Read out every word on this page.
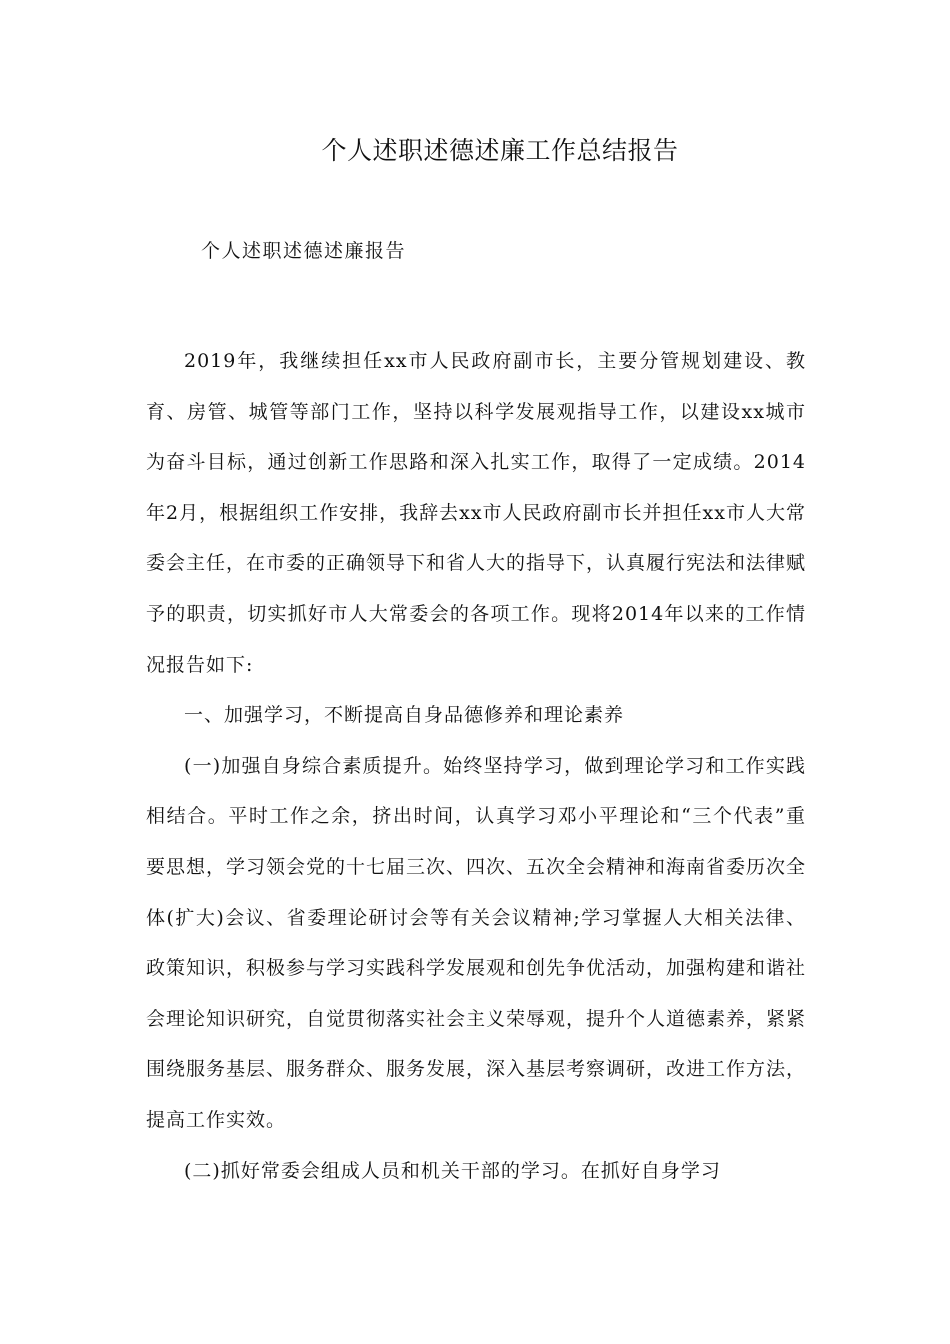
个人述职述德述廉工作总结报告
个人述职述德述廉报告

2019年，我继续担任xx市人民政府副市长，主要分管规划建设、教育、房管、城管等部门工作，坚持以科学发展观指导工作，以建设xx城市为奋斗目标，通过创新工作思路和深入扎实工作，取得了一定成绩。2014年2月，根据组织工作安排，我辞去xx市人民政府副市长并担任xx市人大常委会主任，在市委的正确领导下和省人大的指导下，认真履行宪法和法律赋予的职责，切实抓好市人大常委会的各项工作。现将2014年以来的工作情况报告如下:

一、加强学习，不断提高自身品德修养和理论素养

(一)加强自身综合素质提升。始终坚持学习，做到理论学习和工作实践相结合。平时工作之余，挤出时间，认真学习邓小平理论和“三个代表”重要思想，学习领会党的十七届三次、四次、五次全会精神和海南省委历次全体(扩大)会议、省委理论研讨会等有关会议精神;学习掌握人大相关法律、政策知识，积极参与学习实践科学发展观和创先争优活动，加强构建和谐社会理论知识研究，自觉贯彻落实社会主义荣辱观，提升个人道德素养，紧紧围绕服务基层、服务群众、服务发展，深入基层考察调研，改进工作方法，提高工作实效。

(二)抓好常委会组成人员和机关干部的学习。在抓好自身学习
